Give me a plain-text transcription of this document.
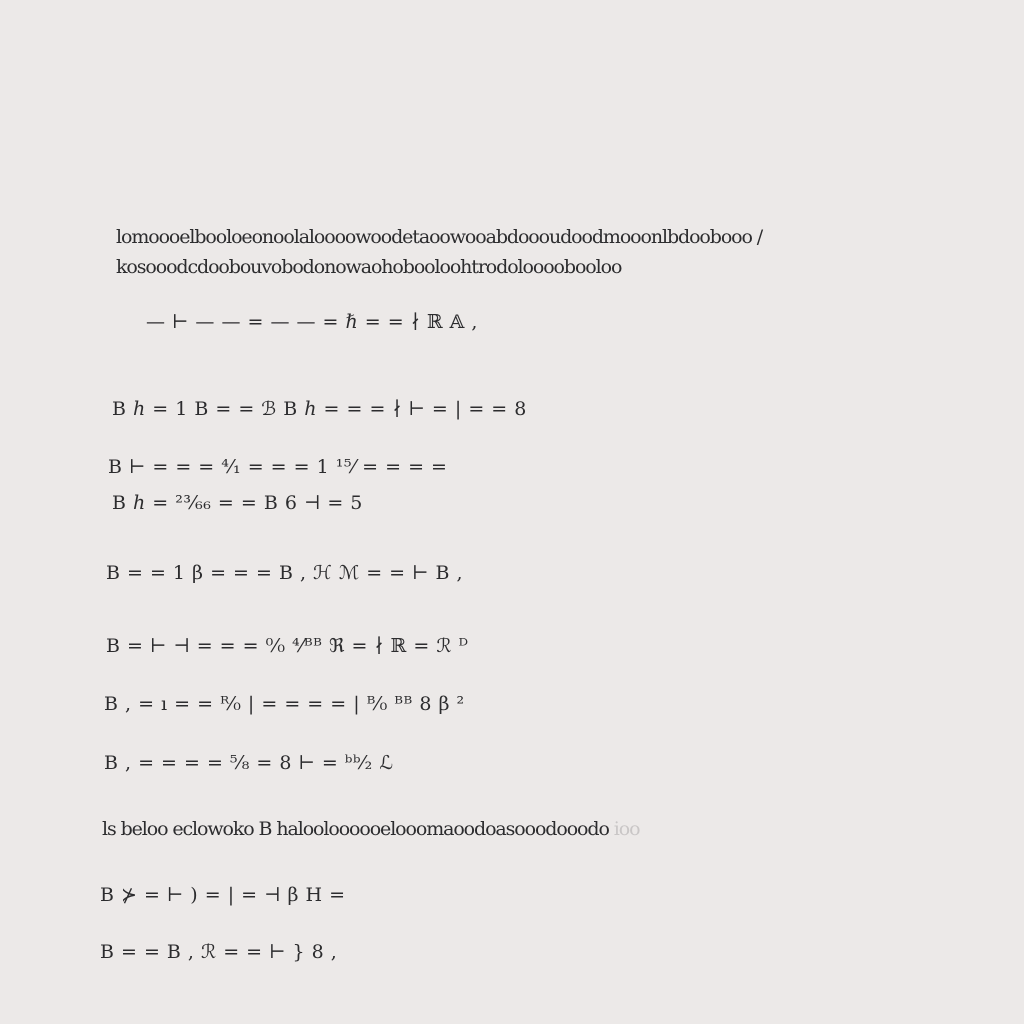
lomoooelbooloeonoolaloooowoodetaoowooabdoooudoodmooonlbdoobooo /
kosooodcdoobouvobodonowaohobooloohtrodoloooobooloo
— ⊢ — — = — — = ℏ = = ∤ ℝ 𝔸 ,
B ℎ = 1 B = = ℬ B ℎ = = = ∤ ⊢ = | = = 8
B ⊢ = = = ⁴⁄₁ = = = 1 ¹⁵⁄ = = = =
B ℎ = ²³⁄₆₆ = = B 6 ⊣ = 5
B = = 1 β = = = B , ℋ ℳ = = ⊢ B ,
B = ⊢ ⊣ = = = ⁰⁄₀ ⁴⁄ᴮᴮ ℜ = ∤ ℝ = ℛ ᴰ
B , = ı = = ᴿ⁄₀ | = = = = | ᴮ⁄₀ ᴮᴮ 8 β ²
B , = = = = ⁵⁄₈ = 8 ⊢ = ᵇᵇ⁄₂ ℒ
ls beloo eclowoko B halooloooooelooomaoodoasooodooodo ioo
B ⊁ = ⊢ ) = | = ⊣ β H =
B = = B , ℛ = = ⊢ } 8 ,
